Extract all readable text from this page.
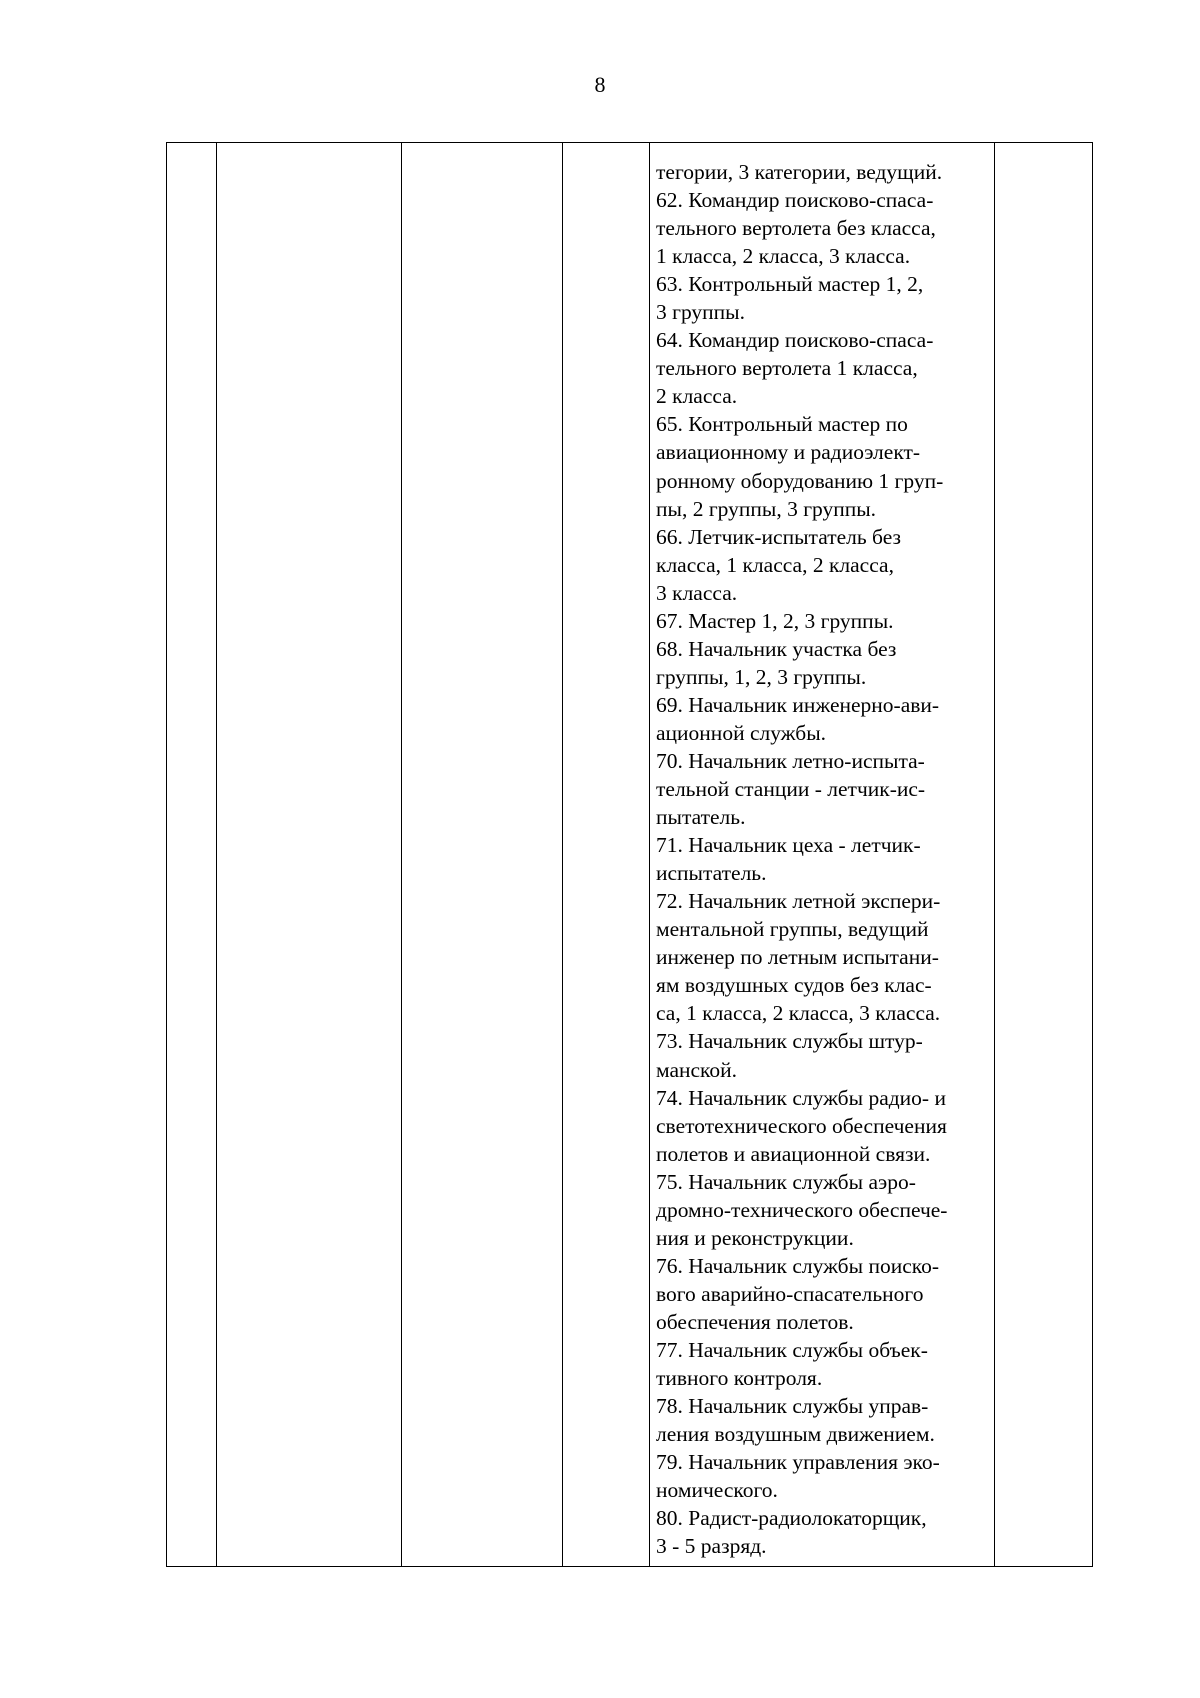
8

тегории, 3 категории, ведущий.
62. Командир поисково-спаса-
тельного вертолета без класса,
1 класса, 2 класса, 3 класса.
63. Контрольный мастер 1, 2,
3 группы.
64. Командир поисково-спаса-
тельного вертолета 1 класса,
2 класса.
65. Контрольный мастер по
авиационному и радиоэлект-
ронному оборудованию 1 груп-
пы, 2 группы, 3 группы.
66. Летчик-испытатель без
класса, 1 класса, 2 класса,
3 класса.
67. Мастер 1, 2, 3 группы.
68. Начальник участка без
группы, 1, 2, 3 группы.
69. Начальник инженерно-ави-
ационной службы.
70. Начальник летно-испыта-
тельной станции - летчик-ис-
пытатель.
71. Начальник цеха - летчик-
испытатель.
72. Начальник летной экспери-
ментальной группы, ведущий
инженер по летным испытани-
ям воздушных судов без клас-
са, 1 класса, 2 класса, 3 класса.
73. Начальник службы штур-
манской.
74. Начальник службы радио- и
светотехнического обеспечения
полетов и авиационной связи.
75. Начальник службы аэро-
дромно-технического обеспече-
ния и реконструкции.
76. Начальник службы поиско-
вого аварийно-спасательного
обеспечения полетов.
77. Начальник службы объек-
тивного контроля.
78. Начальник службы управ-
ления воздушным движением.
79. Начальник управления эко-
номического.
80. Радист-радиолокаторщик,
3 - 5 разряд.
